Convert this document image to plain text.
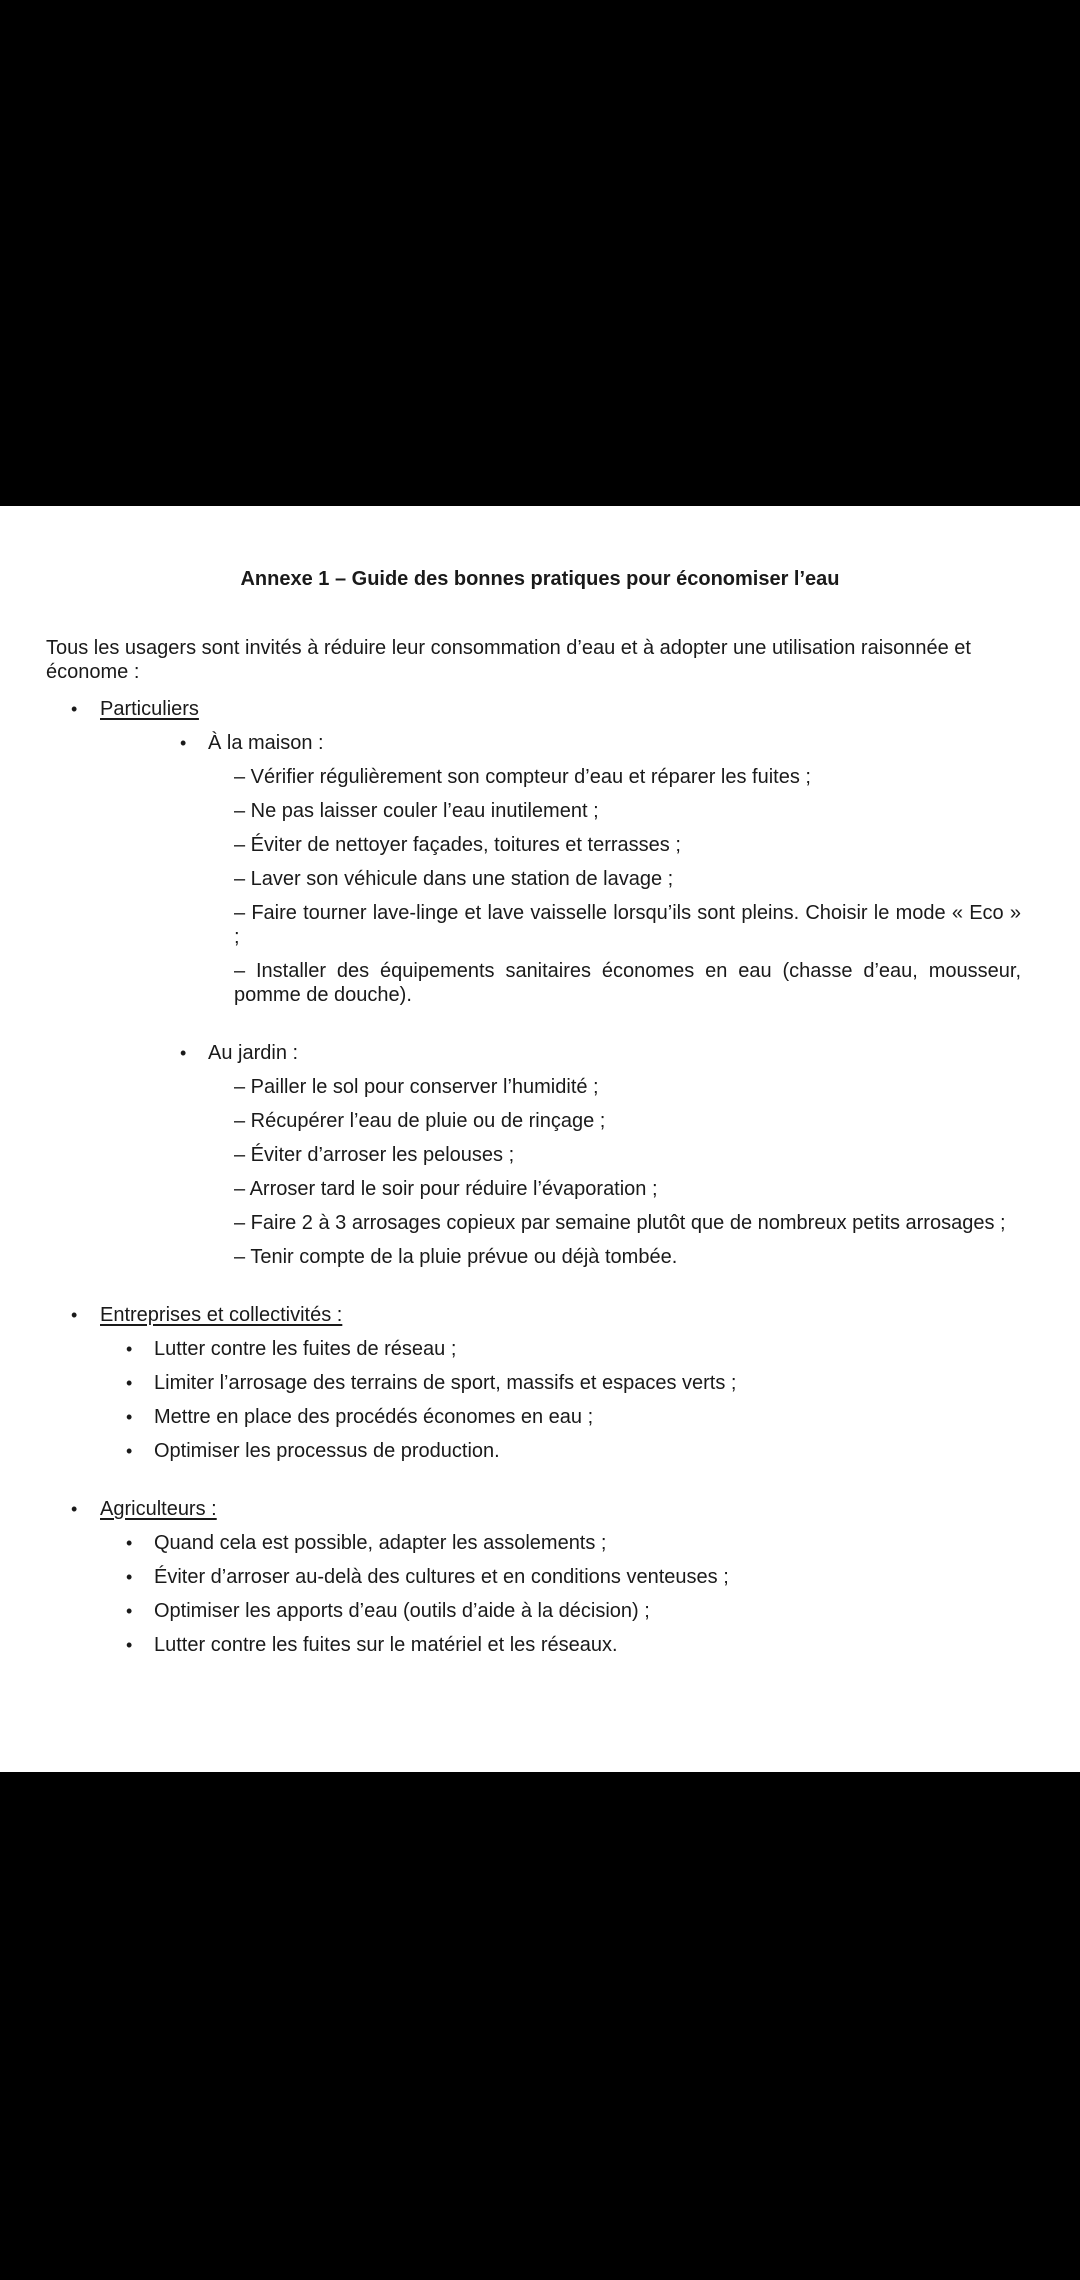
Annexe 1 – Guide des bonnes pratiques pour économiser l’eau

Tous les usagers sont invités à réduire leur consommation d’eau et à adopter une utilisation raisonnée et économe :

• Particuliers
• À la maison :
– Vérifier régulièrement son compteur d’eau et réparer les fuites ;
– Ne pas laisser couler l’eau inutilement ;
– Éviter de nettoyer façades, toitures et terrasses ;
– Laver son véhicule dans une station de lavage ;
– Faire tourner lave-linge et lave vaisselle lorsqu’ils sont pleins. Choisir le mode « Eco » ;
– Installer des équipements sanitaires économes en eau (chasse d’eau, mousseur, pomme de douche).
• Au jardin :
– Pailler le sol pour conserver l’humidité ;
– Récupérer l’eau de pluie ou de rinçage ;
– Éviter d’arroser les pelouses ;
– Arroser tard le soir pour réduire l’évaporation ;
– Faire 2 à 3 arrosages copieux par semaine plutôt que de nombreux petits arrosages ;
– Tenir compte de la pluie prévue ou déjà tombée.
• Entreprises et collectivités :
• Lutter contre les fuites de réseau ;
• Limiter l’arrosage des terrains de sport, massifs et espaces verts ;
• Mettre en place des procédés économes en eau ;
• Optimiser les processus de production.
• Agriculteurs :
• Quand cela est possible, adapter les assolements ;
• Éviter d’arroser au-delà des cultures et en conditions venteuses ;
• Optimiser les apports d’eau (outils d’aide à la décision) ;
• Lutter contre les fuites sur le matériel et les réseaux.
